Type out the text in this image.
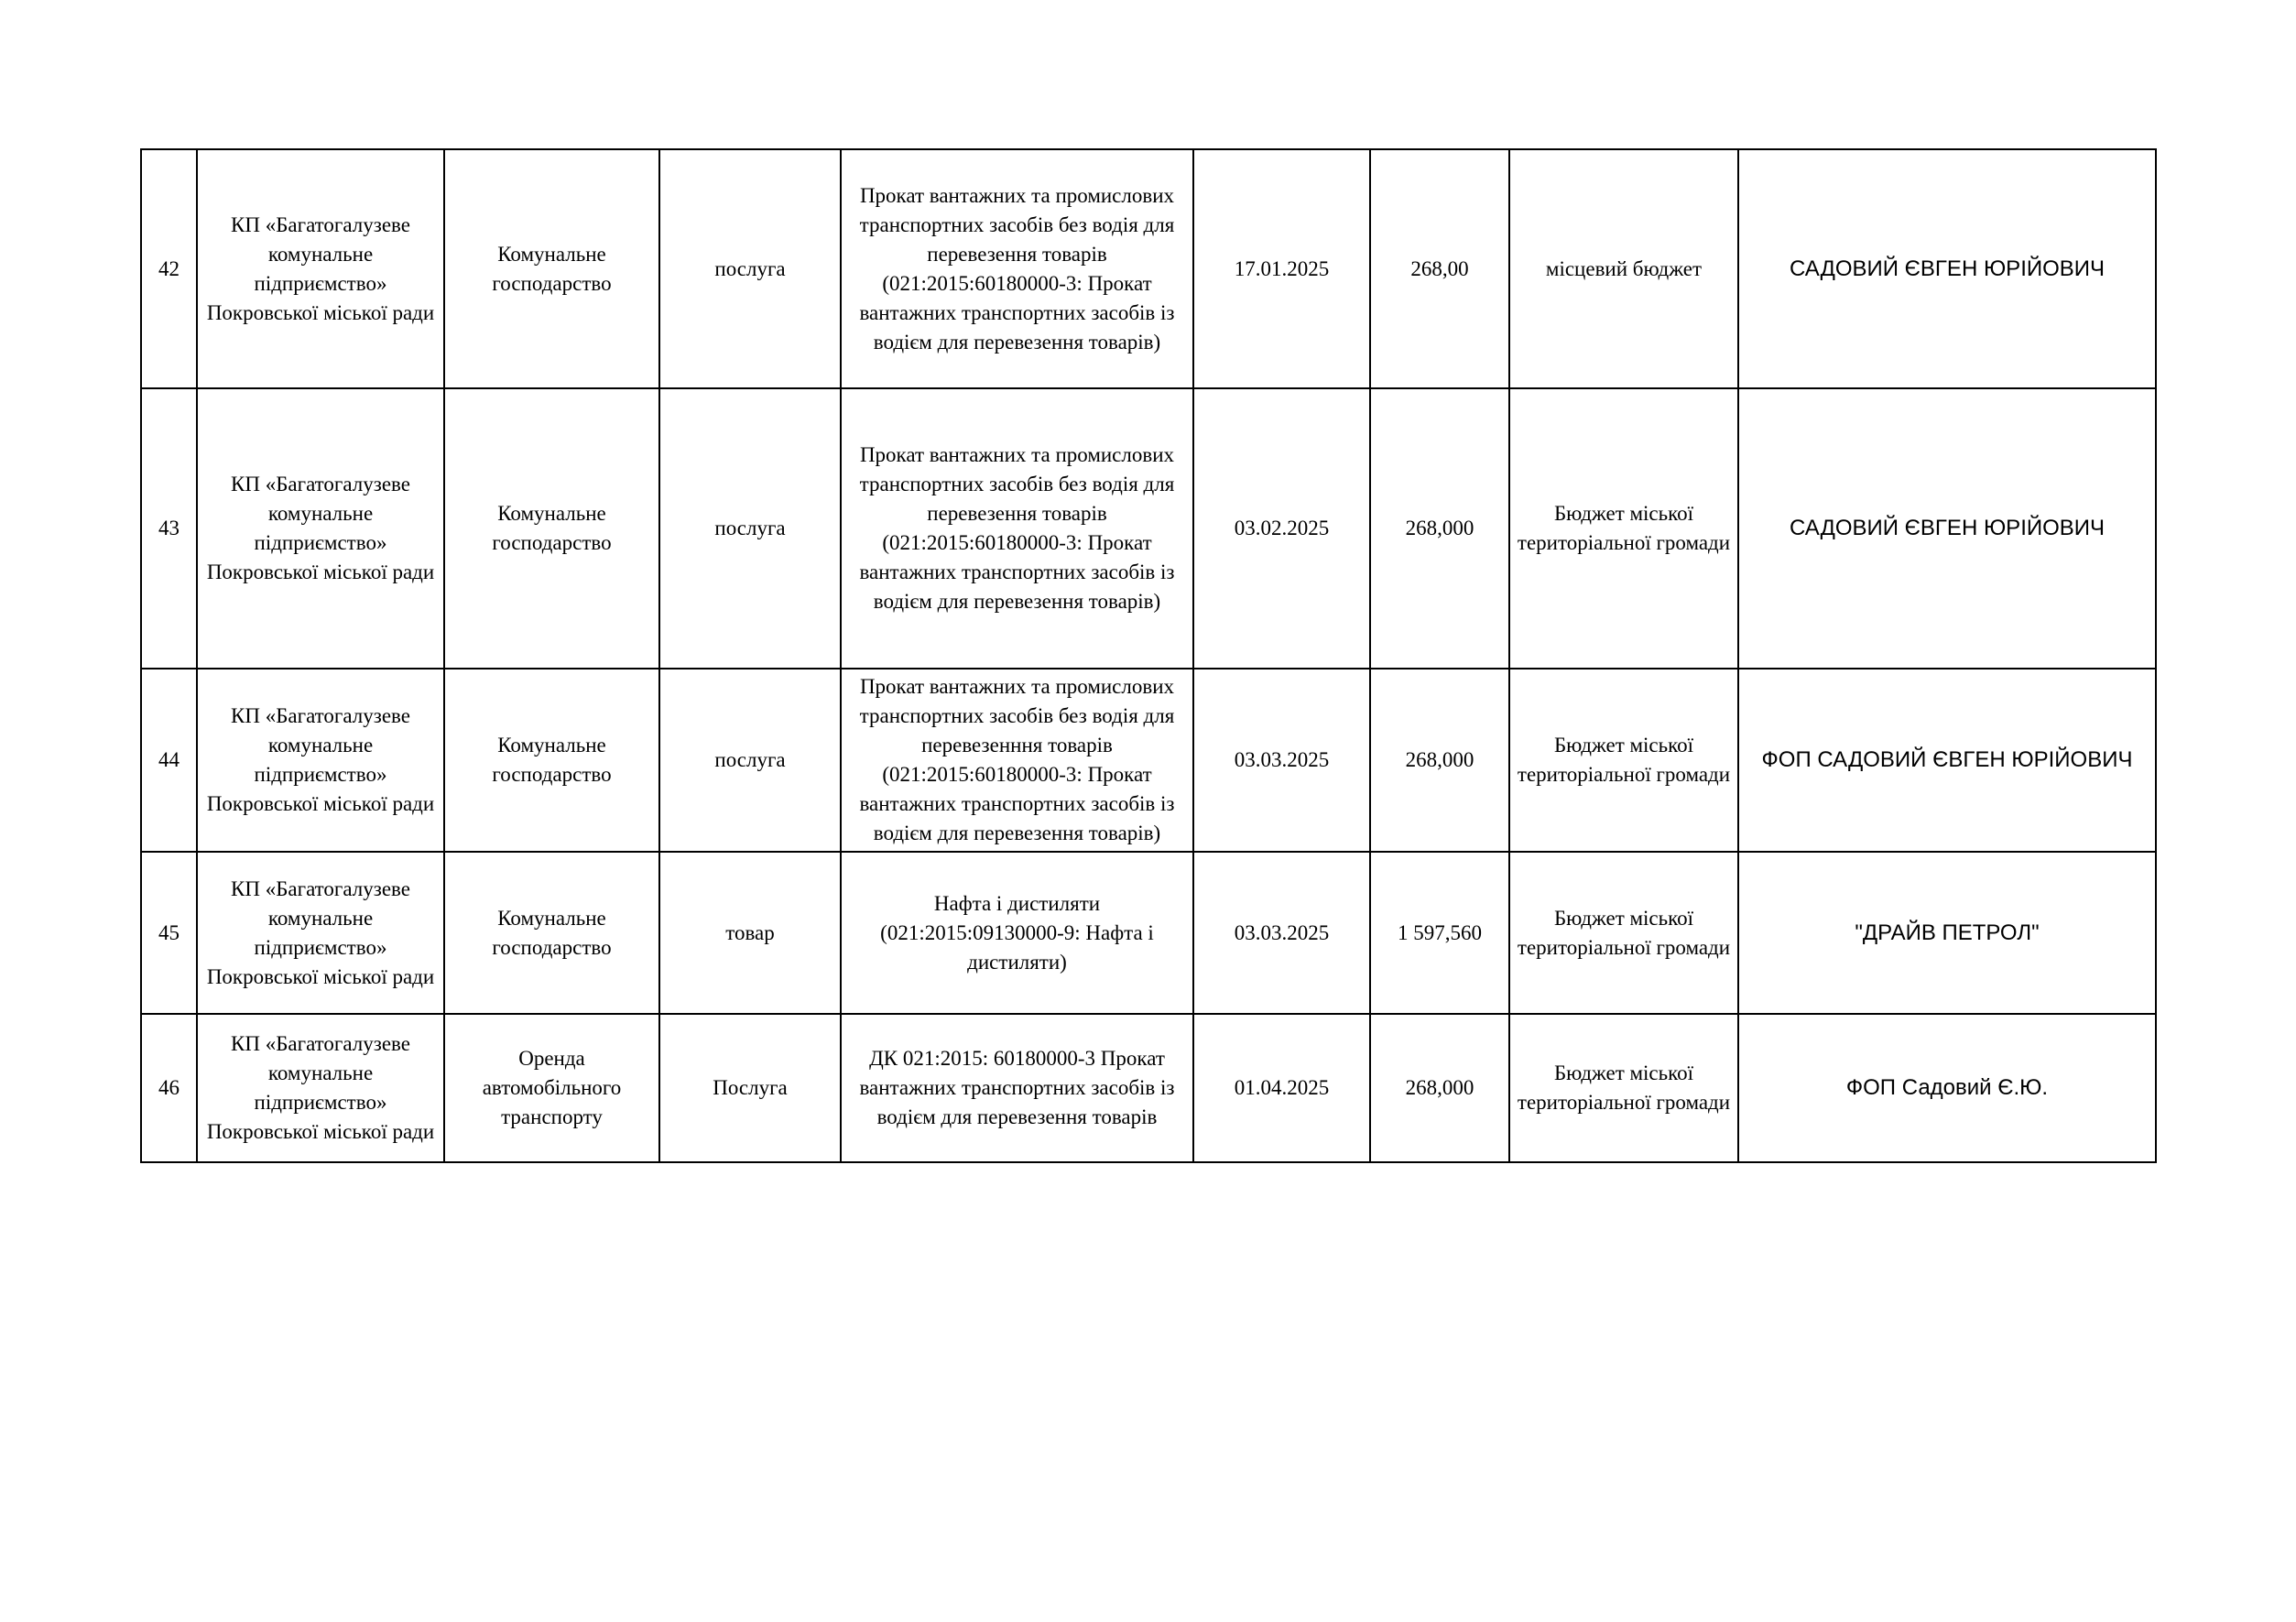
42	КП «Багатогалузеве комунальне підприємство» Покровської міської ради	Комунальне господарство	послуга	Прокат вантажних та промислових транспортних засобів без водія для перевезення товарів (021:2015:60180000-3: Прокат вантажних транспортних засобів із водієм для перевезення товарів)	17.01.2025	268,00	місцевий бюджет	САДОВИЙ ЄВГЕН ЮРІЙОВИЧ
43	КП «Багатогалузеве комунальне підприємство» Покровської міської ради	Комунальне господарство	послуга	Прокат вантажних та промислових транспортних засобів без водія для перевезення товарів (021:2015:60180000-3: Прокат вантажних транспортних засобів із водієм для перевезення товарів)	03.02.2025	268,000	Бюджет міської територіальної громади	САДОВИЙ ЄВГЕН ЮРІЙОВИЧ
44	КП «Багатогалузеве комунальне підприємство» Покровської міської ради	Комунальне господарство	послуга	Прокат вантажних та промислових транспортних засобів без водія для перевезенння товарів (021:2015:60180000-3: Прокат вантажних транспортних засобів із водієм для перевезення товарів)	03.03.2025	268,000	Бюджет міської територіальної громади	ФОП САДОВИЙ ЄВГЕН ЮРІЙОВИЧ
45	КП «Багатогалузеве комунальне підприємство» Покровської міської ради	Комунальне господарство	товар	Нафта і дистиляти (021:2015:09130000-9: Нафта і дистиляти)	03.03.2025	1 597,560	Бюджет міської територіальної громади	"ДРАЙВ ПЕТРОЛ"
46	КП «Багатогалузеве комунальне підприємство» Покровської міської ради	Оренда автомобільного транспорту	Послуга	ДК 021:2015: 60180000-3 Прокат вантажних транспортних засобів із водієм для перевезення товарів	01.04.2025	268,000	Бюджет міської територіальної громади	ФОП Садовий Є.Ю.
